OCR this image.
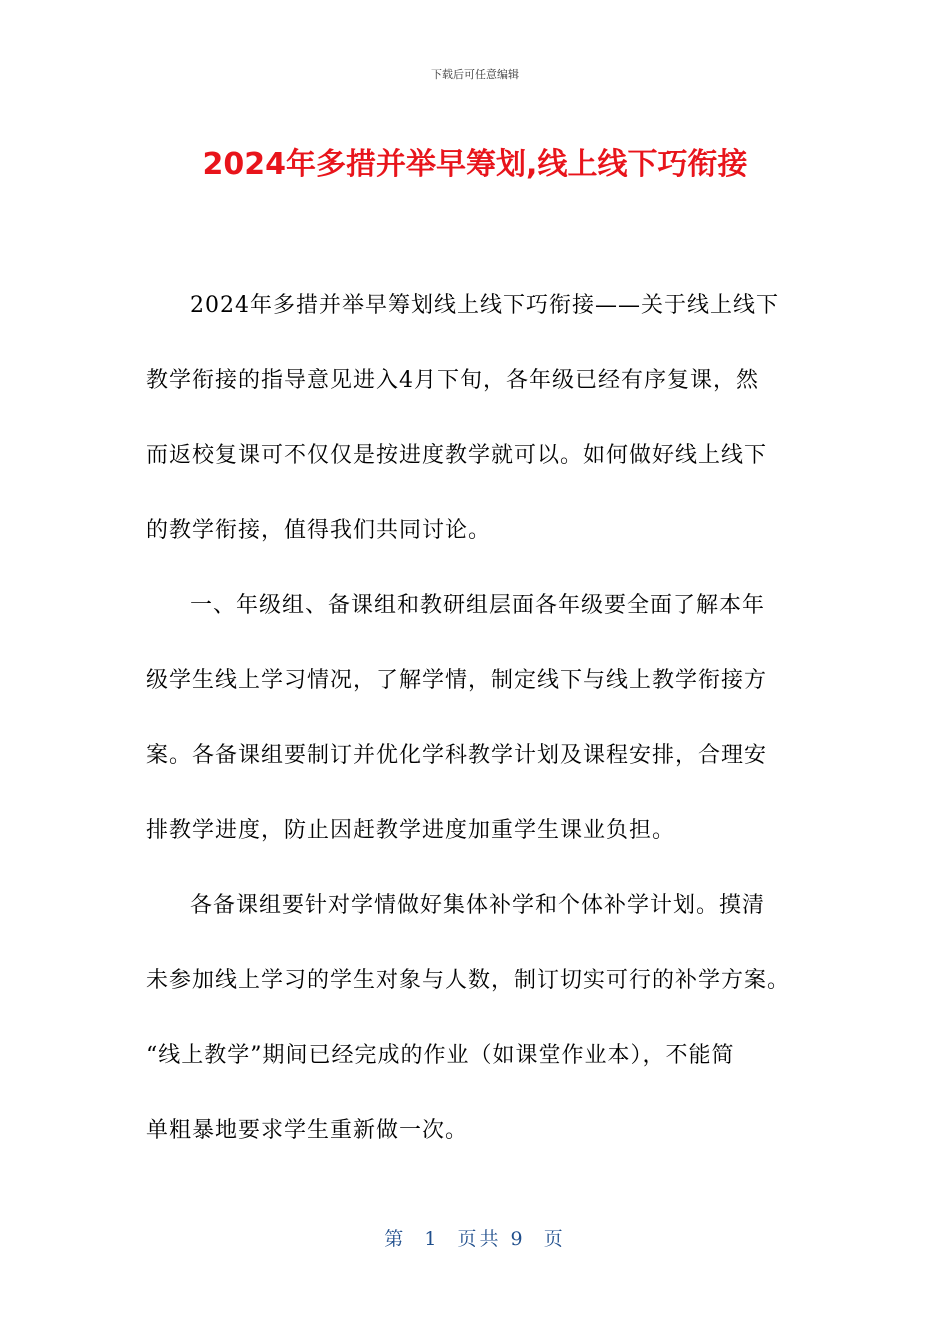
下载后可任意编辑
2024年多措并举早筹划,线上线下巧衔接

2024年多措并举早筹划线上线下巧衔接——关于线上线下
教学衔接的指导意见进入4月下旬，各年级已经有序复课，然
而返校复课可不仅仅是按进度教学就可以。如何做好线上线下
的教学衔接，值得我们共同讨论。

一、年级组、备课组和教研组层面各年级要全面了解本年
级学生线上学习情况，了解学情，制定线下与线上教学衔接方
案。各备课组要制订并优化学科教学计划及课程安排，合理安
排教学进度，防止因赶教学进度加重学生课业负担。

各备课组要针对学情做好集体补学和个体补学计划。摸清
未参加线上学习的学生对象与人数，制订切实可行的补学方案。
“线上教学”期间已经完成的作业（如课堂作业本），不能简
单粗暴地要求学生重新做一次。

第  1  页共 9  页
